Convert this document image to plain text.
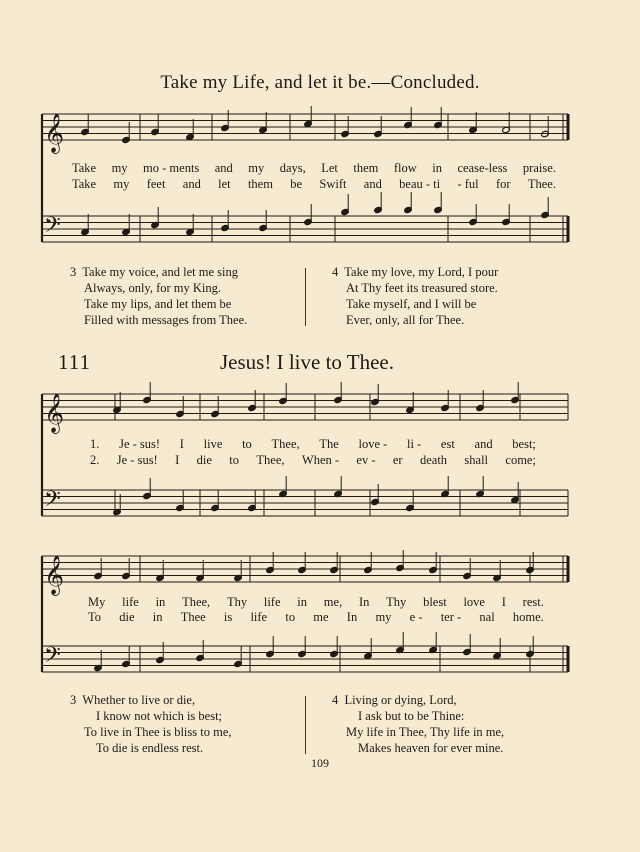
Take my Life, and let it be.—Concluded.
𝄞
𝄢
𝄞
𝄢
𝄞
𝄢
Take my mo - ments and my days, Let them flow in cease-less praise.
Take my feet and let them be Swift and beau - ti - ful for Thee.
3 Take my voice, and let me sing
Always, only, for my King.
Take my lips, and let them be
Filled with messages from Thee.
4 Take my love, my Lord, I pour
At Thy feet its treasured store.
Take myself, and I will be
Ever, only, all for Thee.
111	Jesus! I live to Thee.
1. Je - sus! I live to Thee, The love - li - est and best;
2. Je - sus! I die to Thee, When - ev - er death shall come;
My life in Thee, Thy life in me, In Thy blest love I rest.
To die in Thee is life to me In my e - ter - nal home.
3 Whether to live or die,
I know not which is best;
To live in Thee is bliss to me,
To die is endless rest.
4 Living or dying, Lord,
I ask but to be Thine:
My life in Thee, Thy life in me,
Makes heaven for ever mine.
109
